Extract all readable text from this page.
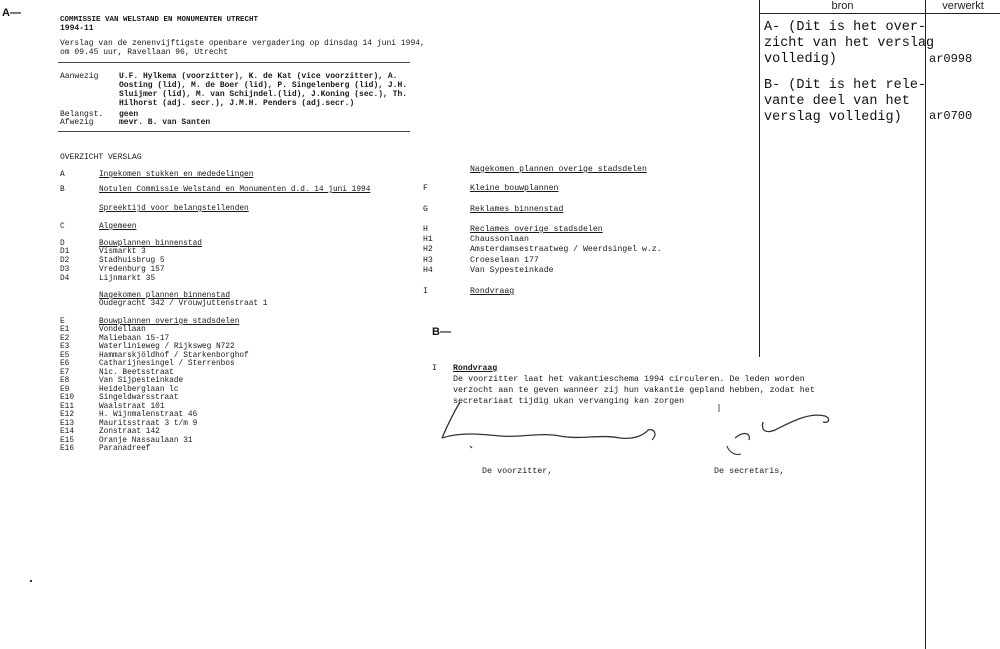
A—
COMMISSIE VAN WELSTAND EN MONUMENTEN UTRECHT
1994-11
Verslag van de zenenvijftigste openbare vergadering op dinsdag 14 juni 1994,
om 09.45 uur, Ravellaan 96, Utrecht
Aanwezig	U.F. Hylkema (voorzitter), K. de Kat (vice voorzitter), A.
Oosting (lid), M. de Boer (lid), P. Singelenberg (lid), J.H.
Sluijmer (lid), M. van Schijndel.(lid), J.Koning (sec.), Th.
Hilhorst (adj. secr.), J.M.H. Penders (adj.secr.)
Belangst. geen
Afwezig	mevr. B. van Santen
OVERZICHT VERSLAG
A	Ingekomen stukken en mededelingen
B	Notulen Commissie Welstand en Monumenten d.d. 14 juni 1994
Spreektijd voor belangstellenden
C	Algemeen
D	Bouwplannen binnenstad
D1	Vismarkt 3
D2	Stadhuisbrug 5
D3	Vredenburg 157
D4	Lijnmarkt 35
Nagekomen plannen binnenstad
Oudegracht 342 / Vrouwjuttenstraat 1
E	Bouwplannen overige stadsdelen
E1	Vondellaan
E2	Maliebaan 15-17
E3	Waterlinieweg / Rijksweg N722
E5	Hammarskjöldhof / Starkenborghof
E6	Catharijnesingel / Sterrenbos
E7	Nic. Beetsstraat
E8	Van Sijpesteinkade
E9	Heidelberglaan lc
E10	Singeldwarsstraat
E11	Waalstraat 101
E12	H. Wijnmalenstraat 46
E13	Mauritsstraat 3 t/m 9
E14	Zonstraat 142
E15	Oranje Nassaulaan 31
E16	Paranadreef
Nagekomen plannen overige stadsdelen
F	Kleine bouwplannen
G	Reklames binnenstad
H	Reclames overige stadsdelen
H1	Chaussonlaan
H2	Amsterdamsestraatweg / Weerdsingel w.z.
H3	Croeselaan 177
H4	Van Sypesteinkade
I	Rondvraag
B—
I Rondvraag
De voorzitter laat het vakantieschema 1994 circuleren. De leden worden
verzocht aan te geven wanneer zij hun vakantie gepland hebben, zodat het
secretariaat tijdig ukan vervanging kan zorgen
De voorzitter,	De secretaris,
bron	verwerkt
A- (Dit is het over-
zicht van het verslag
volledig)	ar0998
B- (Dit is het rele-
vante deel van het
verslag volledig)	ar0700
